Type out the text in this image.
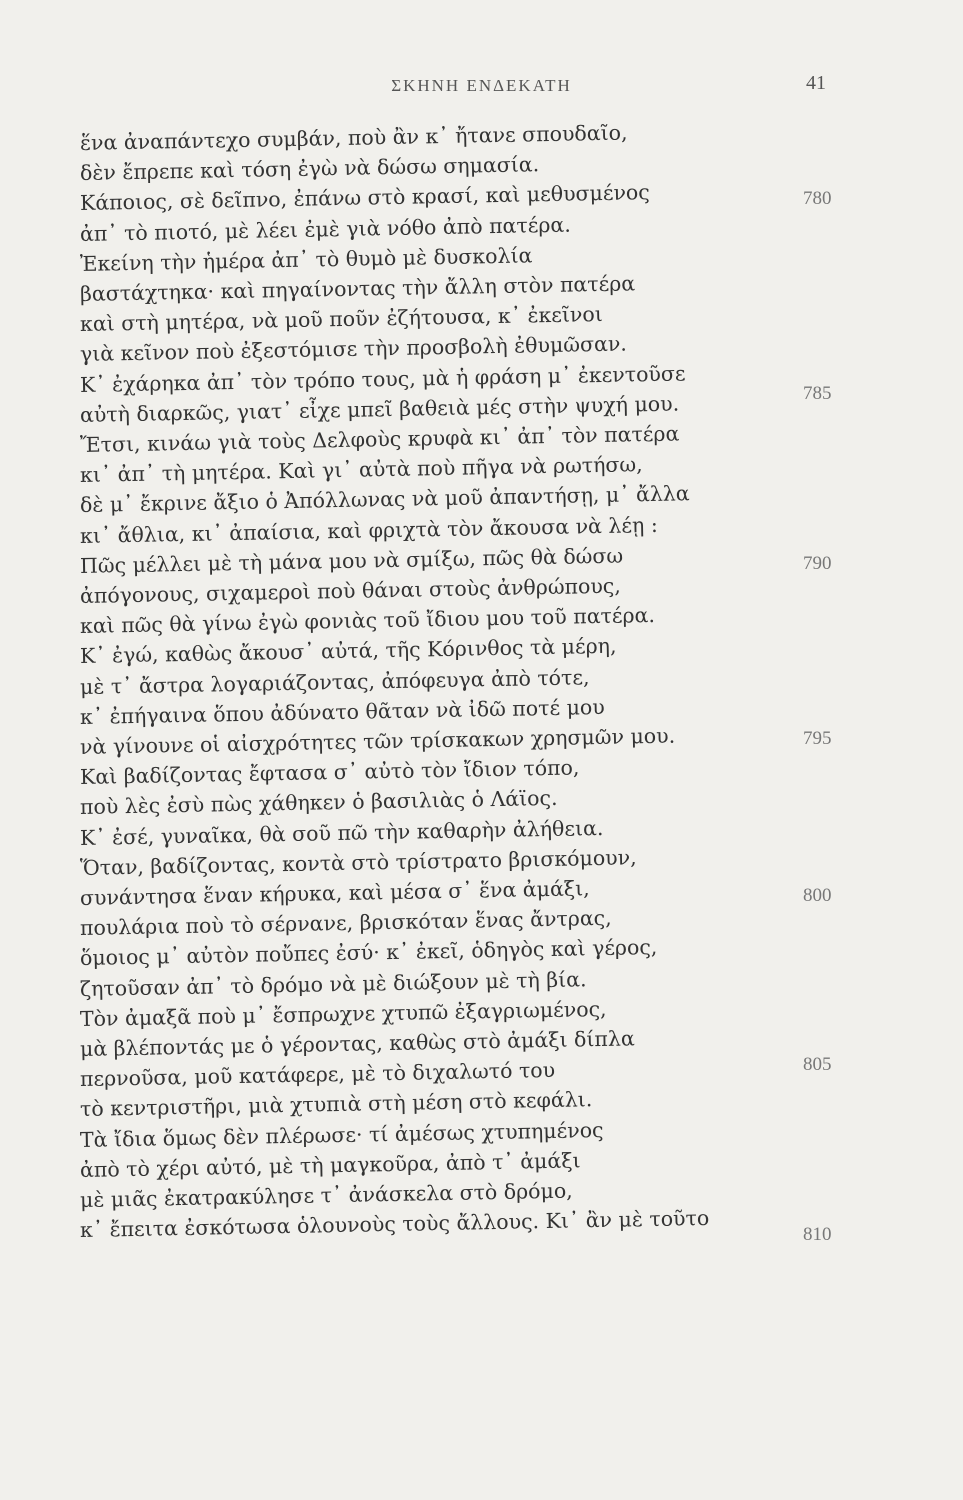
ΣΚΗΝΗ ΕΝΔΕΚΑΤΗ	41
ἕνα ἀναπάντεχο συμβάν, ποὺ ἂν κ᾿ ἤτανε σπουδαῖο,
δὲν ἔπρεπε καὶ τόση ἐγὼ νὰ δώσω σημασία.
Κάποιος, σὲ δεῖπνο, ἐπάνω στὸ κρασί, καὶ μεθυσμένος
ἀπ᾿ τὸ πιοτό, μὲ λέει ἐμὲ γιὰ νόθο ἀπὸ πατέρα.
Ἐκείνη τὴν ἡμέρα ἀπ᾿ τὸ θυμὸ μὲ δυσκολία
βαστάχτηκα· καὶ πηγαίνοντας τὴν ἄλλη στὸν πατέρα
καὶ στὴ μητέρα, νὰ μοῦ ποῦν ἐζήτουσα, κ᾿ ἐκεῖνοι
γιὰ κεῖνον ποὺ ἐξεστόμισε τὴν προσβολὴ ἐθυμῶσαν.
Κ᾿ ἐχάρηκα ἀπ᾿ τὸν τρόπο τους, μὰ ἡ φράση μ᾿ ἐκεντοῦσε
αὐτὴ διαρκῶς, γιατ᾿ εἶχε μπεῖ βαθειὰ μές στὴν ψυχή μου.
Ἔτσι, κινάω γιὰ τοὺς Δελφοὺς κρυφὰ κι᾿ ἀπ᾿ τὸν πατέρα
κι᾿ ἀπ᾿ τὴ μητέρα. Καὶ γι᾿ αὐτὰ ποὺ πῆγα νὰ ρωτήσω,
δὲ μ᾿ ἔκρινε ἄξιο ὁ Ἀπόλλωνας νὰ μοῦ ἀπαντήσῃ, μ᾿ ἄλλα
κι᾿ ἄθλια, κι᾿ ἀπαίσια, καὶ φριχτὰ τὸν ἄκουσα νὰ λέῃ :
Πῶς μέλλει μὲ τὴ μάνα μου νὰ σμίξω, πῶς θὰ δώσω
ἀπόγονους, σιχαμεροὶ ποὺ θάναι στοὺς ἀνθρώπους,
καὶ πῶς θὰ γίνω ἐγὼ φονιὰς τοῦ ἴδιου μου τοῦ πατέρα.
Κ᾿ ἐγώ, καθὼς ἄκουσ᾿ αὐτά, τῆς Κόρινθος τὰ μέρη,
μὲ τ᾿ ἄστρα λογαριάζοντας, ἀπόφευγα ἀπὸ τότε,
κ᾿ ἐπήγαινα ὅπου ἀδύνατο θᾶταν νὰ ἰδῶ ποτέ μου
νὰ γίνουνε οἱ αἰσχρότητες τῶν τρίσκακων χρησμῶν μου.
Καὶ βαδίζοντας ἔφτασα σ᾿ αὐτὸ τὸν ἴδιον τόπο,
ποὺ λὲς ἐσὺ πὼς χάθηκεν ὁ βασιλιὰς ὁ Λάϊος.
Κ᾿ ἐσέ, γυναῖκα, θὰ σοῦ πῶ τὴν καθαρὴν ἀλήθεια.
Ὅταν, βαδίζοντας, κοντὰ στὸ τρίστρατο βρισκόμουν,
συνάντησα ἕναν κήρυκα, καὶ μέσα σ᾿ ἕνα ἀμάξι,
πουλάρια ποὺ τὸ σέρνανε, βρισκόταν ἕνας ἄντρας,
ὅμοιος μ᾿ αὐτὸν ποὔπες ἐσύ· κ᾿ ἐκεῖ, ὁδηγὸς καὶ γέρος,
ζητοῦσαν ἀπ᾿ τὸ δρόμο νὰ μὲ διώξουν μὲ τὴ βία.
Τὸν ἀμαξᾶ ποὺ μ᾿ ἔσπρωχνε χτυπῶ ἐξαγριωμένος,
μὰ βλέποντάς με ὁ γέροντας, καθὼς στὸ ἀμάξι δίπλα
περνοῦσα, μοῦ κατάφερε, μὲ τὸ διχαλωτό του
τὸ κεντριστῆρι, μιὰ χτυπιὰ στὴ μέση στὸ κεφάλι.
Τὰ ἴδια ὅμως δὲν πλέρωσε· τί ἀμέσως χτυπημένος
ἀπὸ τὸ χέρι αὐτό, μὲ τὴ μαγκοῦρα, ἀπὸ τ᾿ ἀμάξι
μὲ μιᾶς ἐκατρακύλησε τ᾿ ἀνάσκελα στὸ δρόμο,
κ᾿ ἔπειτα ἐσκότωσα ὁλουνοὺς τοὺς ἄλλους. Κι᾿ ἂν μὲ τοῦτο
780
785
790
795
800
805
810
